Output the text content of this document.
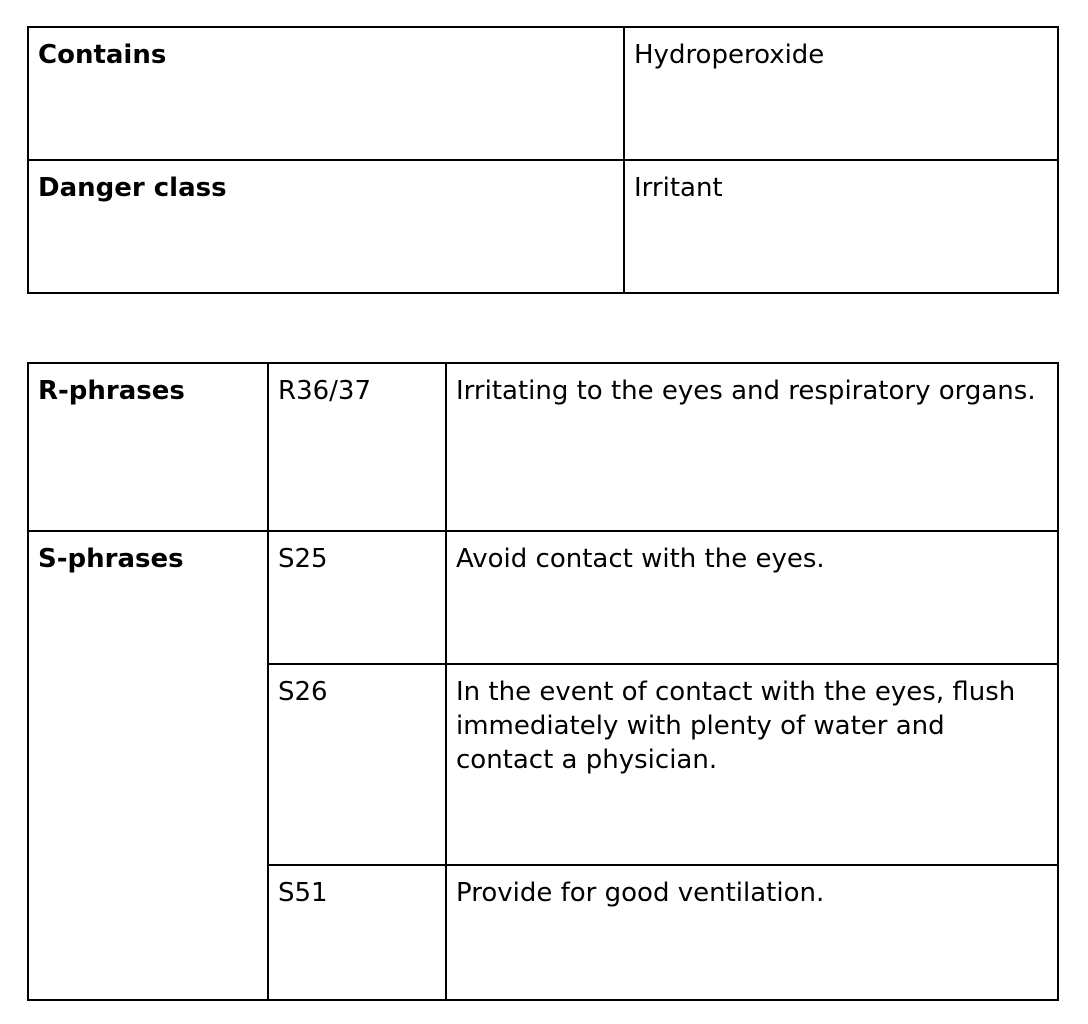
Contains	Hydroperoxide
Danger class	Irritant
R-phrases	R36/37	Irritating to the eyes and respiratory organs.
S-phrases	S25	Avoid contact with the eyes.
	S26	In the event of contact with the eyes, flush immediately with plenty of water and contact a physician.
	S51	Provide for good ventilation.
